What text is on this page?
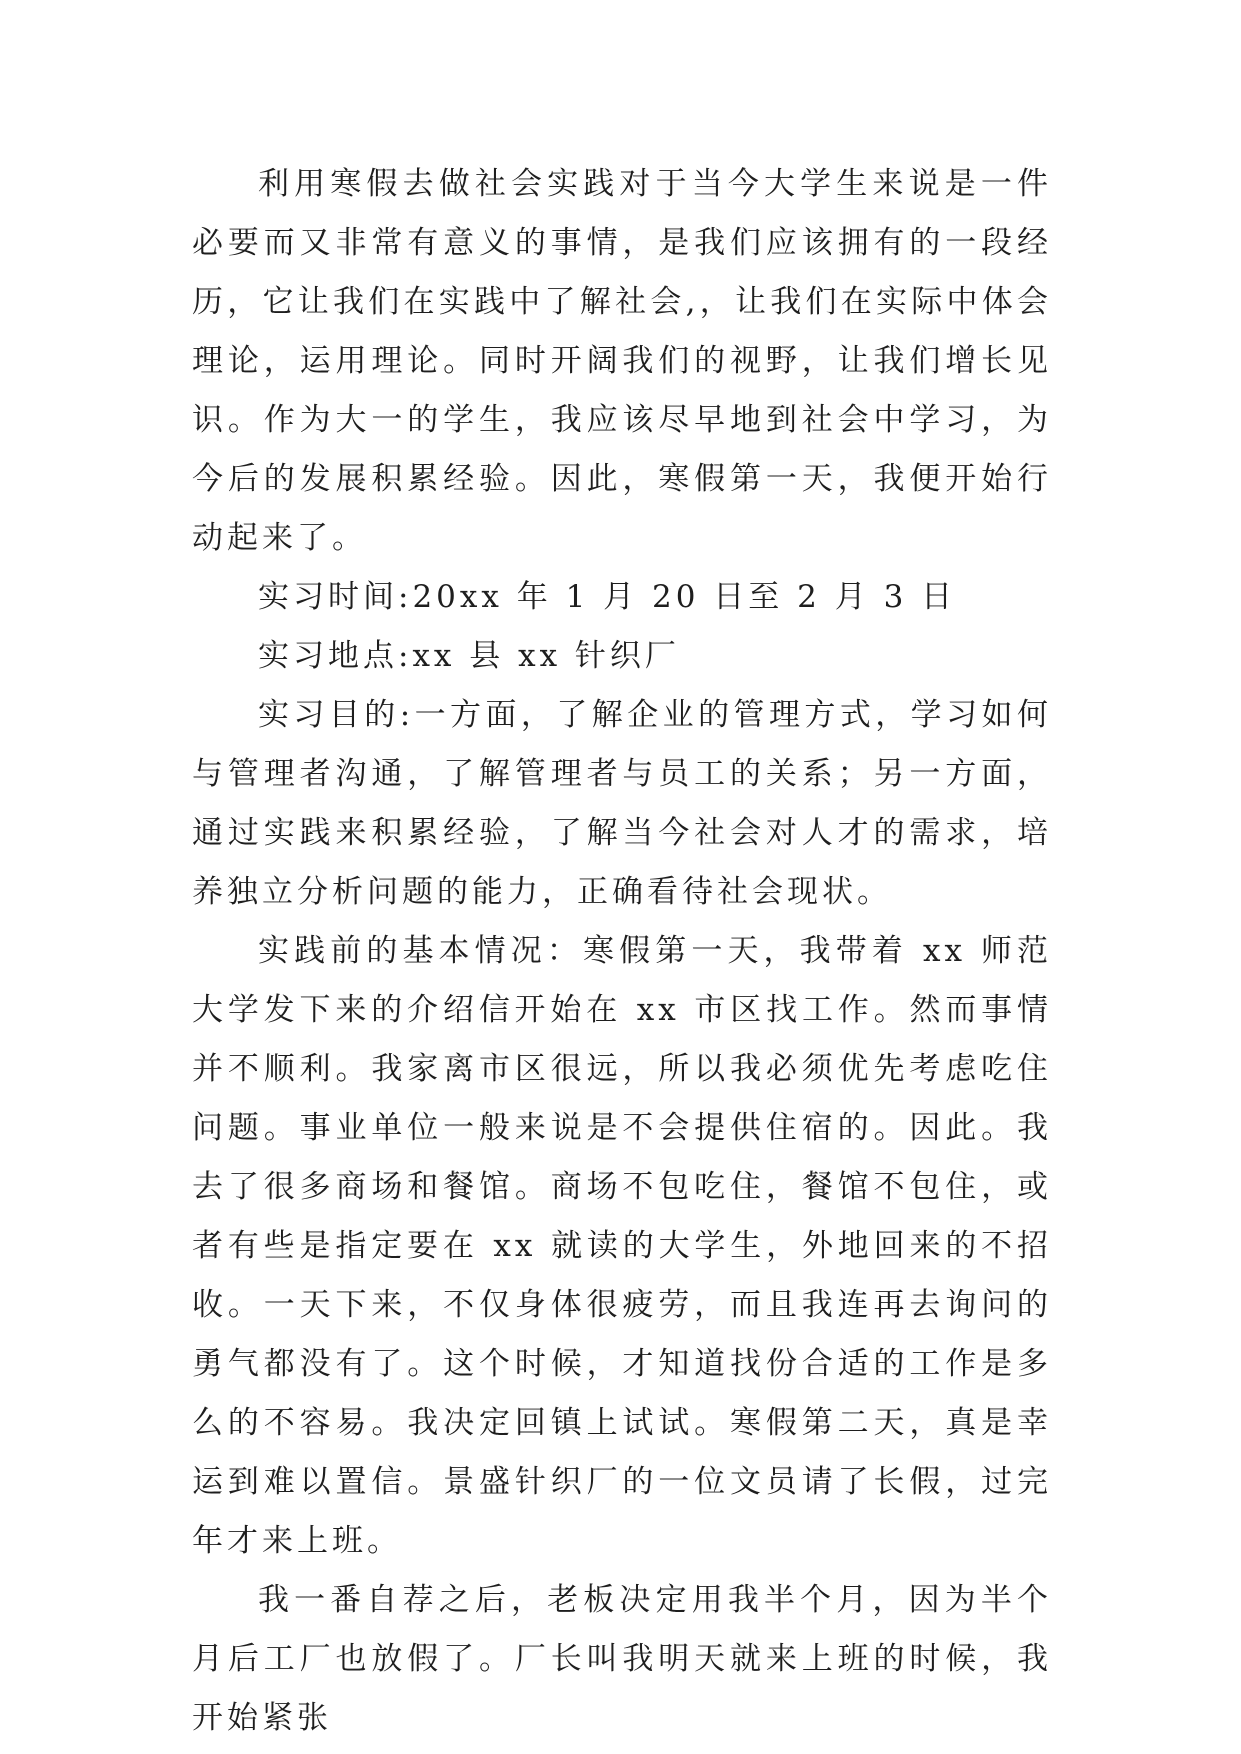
利用寒假去做社会实践对于当今大学生来说是一件必要而又非常有意义的事情，是我们应该拥有的一段经历，它让我们在实践中了解社会,，让我们在实际中体会理论，运用理论。同时开阔我们的视野，让我们增长见识。作为大一的学生，我应该尽早地到社会中学习，为今后的发展积累经验。因此，寒假第一天，我便开始行动起来了。

实习时间:20xx 年 1 月 20 日至 2 月 3 日

实习地点:xx 县 xx 针织厂

实习目的:一方面，了解企业的管理方式，学习如何与管理者沟通，了解管理者与员工的关系；另一方面，通过实践来积累经验，了解当今社会对人才的需求，培养独立分析问题的能力，正确看待社会现状。

实践前的基本情况：寒假第一天，我带着 xx 师范大学发下来的介绍信开始在 xx 市区找工作。然而事情并不顺利。我家离市区很远，所以我必须优先考虑吃住问题。事业单位一般来说是不会提供住宿的。因此。我去了很多商场和餐馆。商场不包吃住，餐馆不包住，或者有些是指定要在 xx 就读的大学生，外地回来的不招收。一天下来，不仅身体很疲劳，而且我连再去询问的勇气都没有了。这个时候，才知道找份合适的工作是多么的不容易。我决定回镇上试试。寒假第二天，真是幸运到难以置信。景盛针织厂的一位文员请了长假，过完年才来上班。

我一番自荐之后，老板决定用我半个月，因为半个月后工厂也放假了。厂长叫我明天就来上班的时候，我开始紧张
